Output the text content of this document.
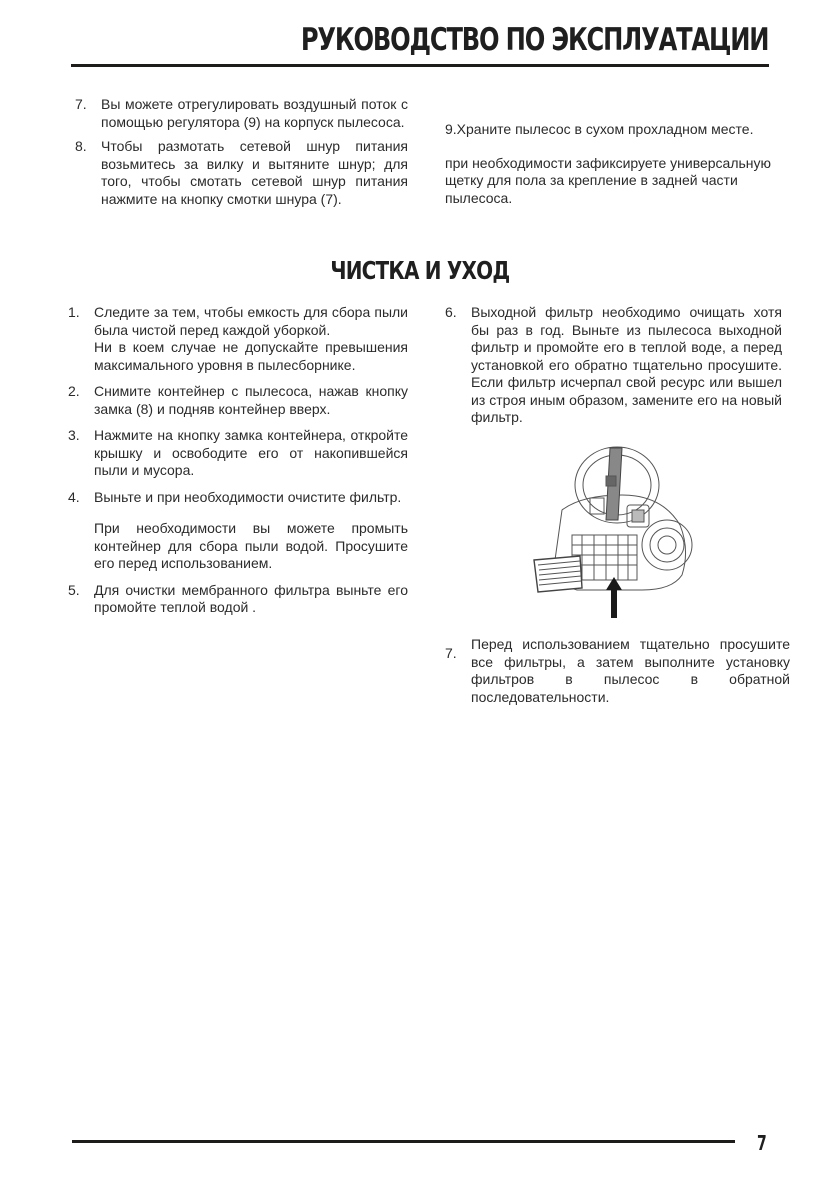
РУКОВОДСТВО ПО ЭКСПЛУАТАЦИИ
7.	Вы можете отрегулировать воздушный поток с помощью регулятора (9) на корпуск пылесоса.
8.	Чтобы размотать сетевой шнур питания возьмитесь за вилку и вытяните шнур; для того, чтобы смотать сетевой шнур питания нажмите на кнопку смотки шнура (7).

9.Храните пылесос в сухом прохладном месте.

при необходимости зафиксируете универсальную щетку для пола за крепление в задней части пылесоса.

ЧИСТКА И УХОД
1.	Следите за тем, чтобы емкость для сбора пыли была чистой перед каждой уборкой.

Ни в коем случае не допускайте превышения максимального уровня в пылесборнике.

2.	Снимите контейнер с пылесоса, нажав кнопку замка (8) и подняв контейнер вверх.
3.	Нажмите на кнопку замка контейнера, откройте крышку и освободите его от накопившейся пыли и мусора.
4.	Выньте и при необходимости очистите фильтр.

При необходимости вы можете промыть контейнер для сбора пыли водой. Просушите его перед использованием.

5.	Для очистки мембранного фильтра выньте его промойте теплой водой .
6.	Выходной фильтр необходимо очищать хотя бы раз в год. Выньте из пылесоса выходной фильтр и промойте его в теплой воде, а перед установкой его обратно тщательно просушите. Если фильтр исчерпал свой ресурс или вышел из строя иным образом, замените его на новый фильтр.
7.
Перед использованием тщательно просушите все фильтры, а затем выполните установку фильтров в пылесос в обратной последовательности.
7
